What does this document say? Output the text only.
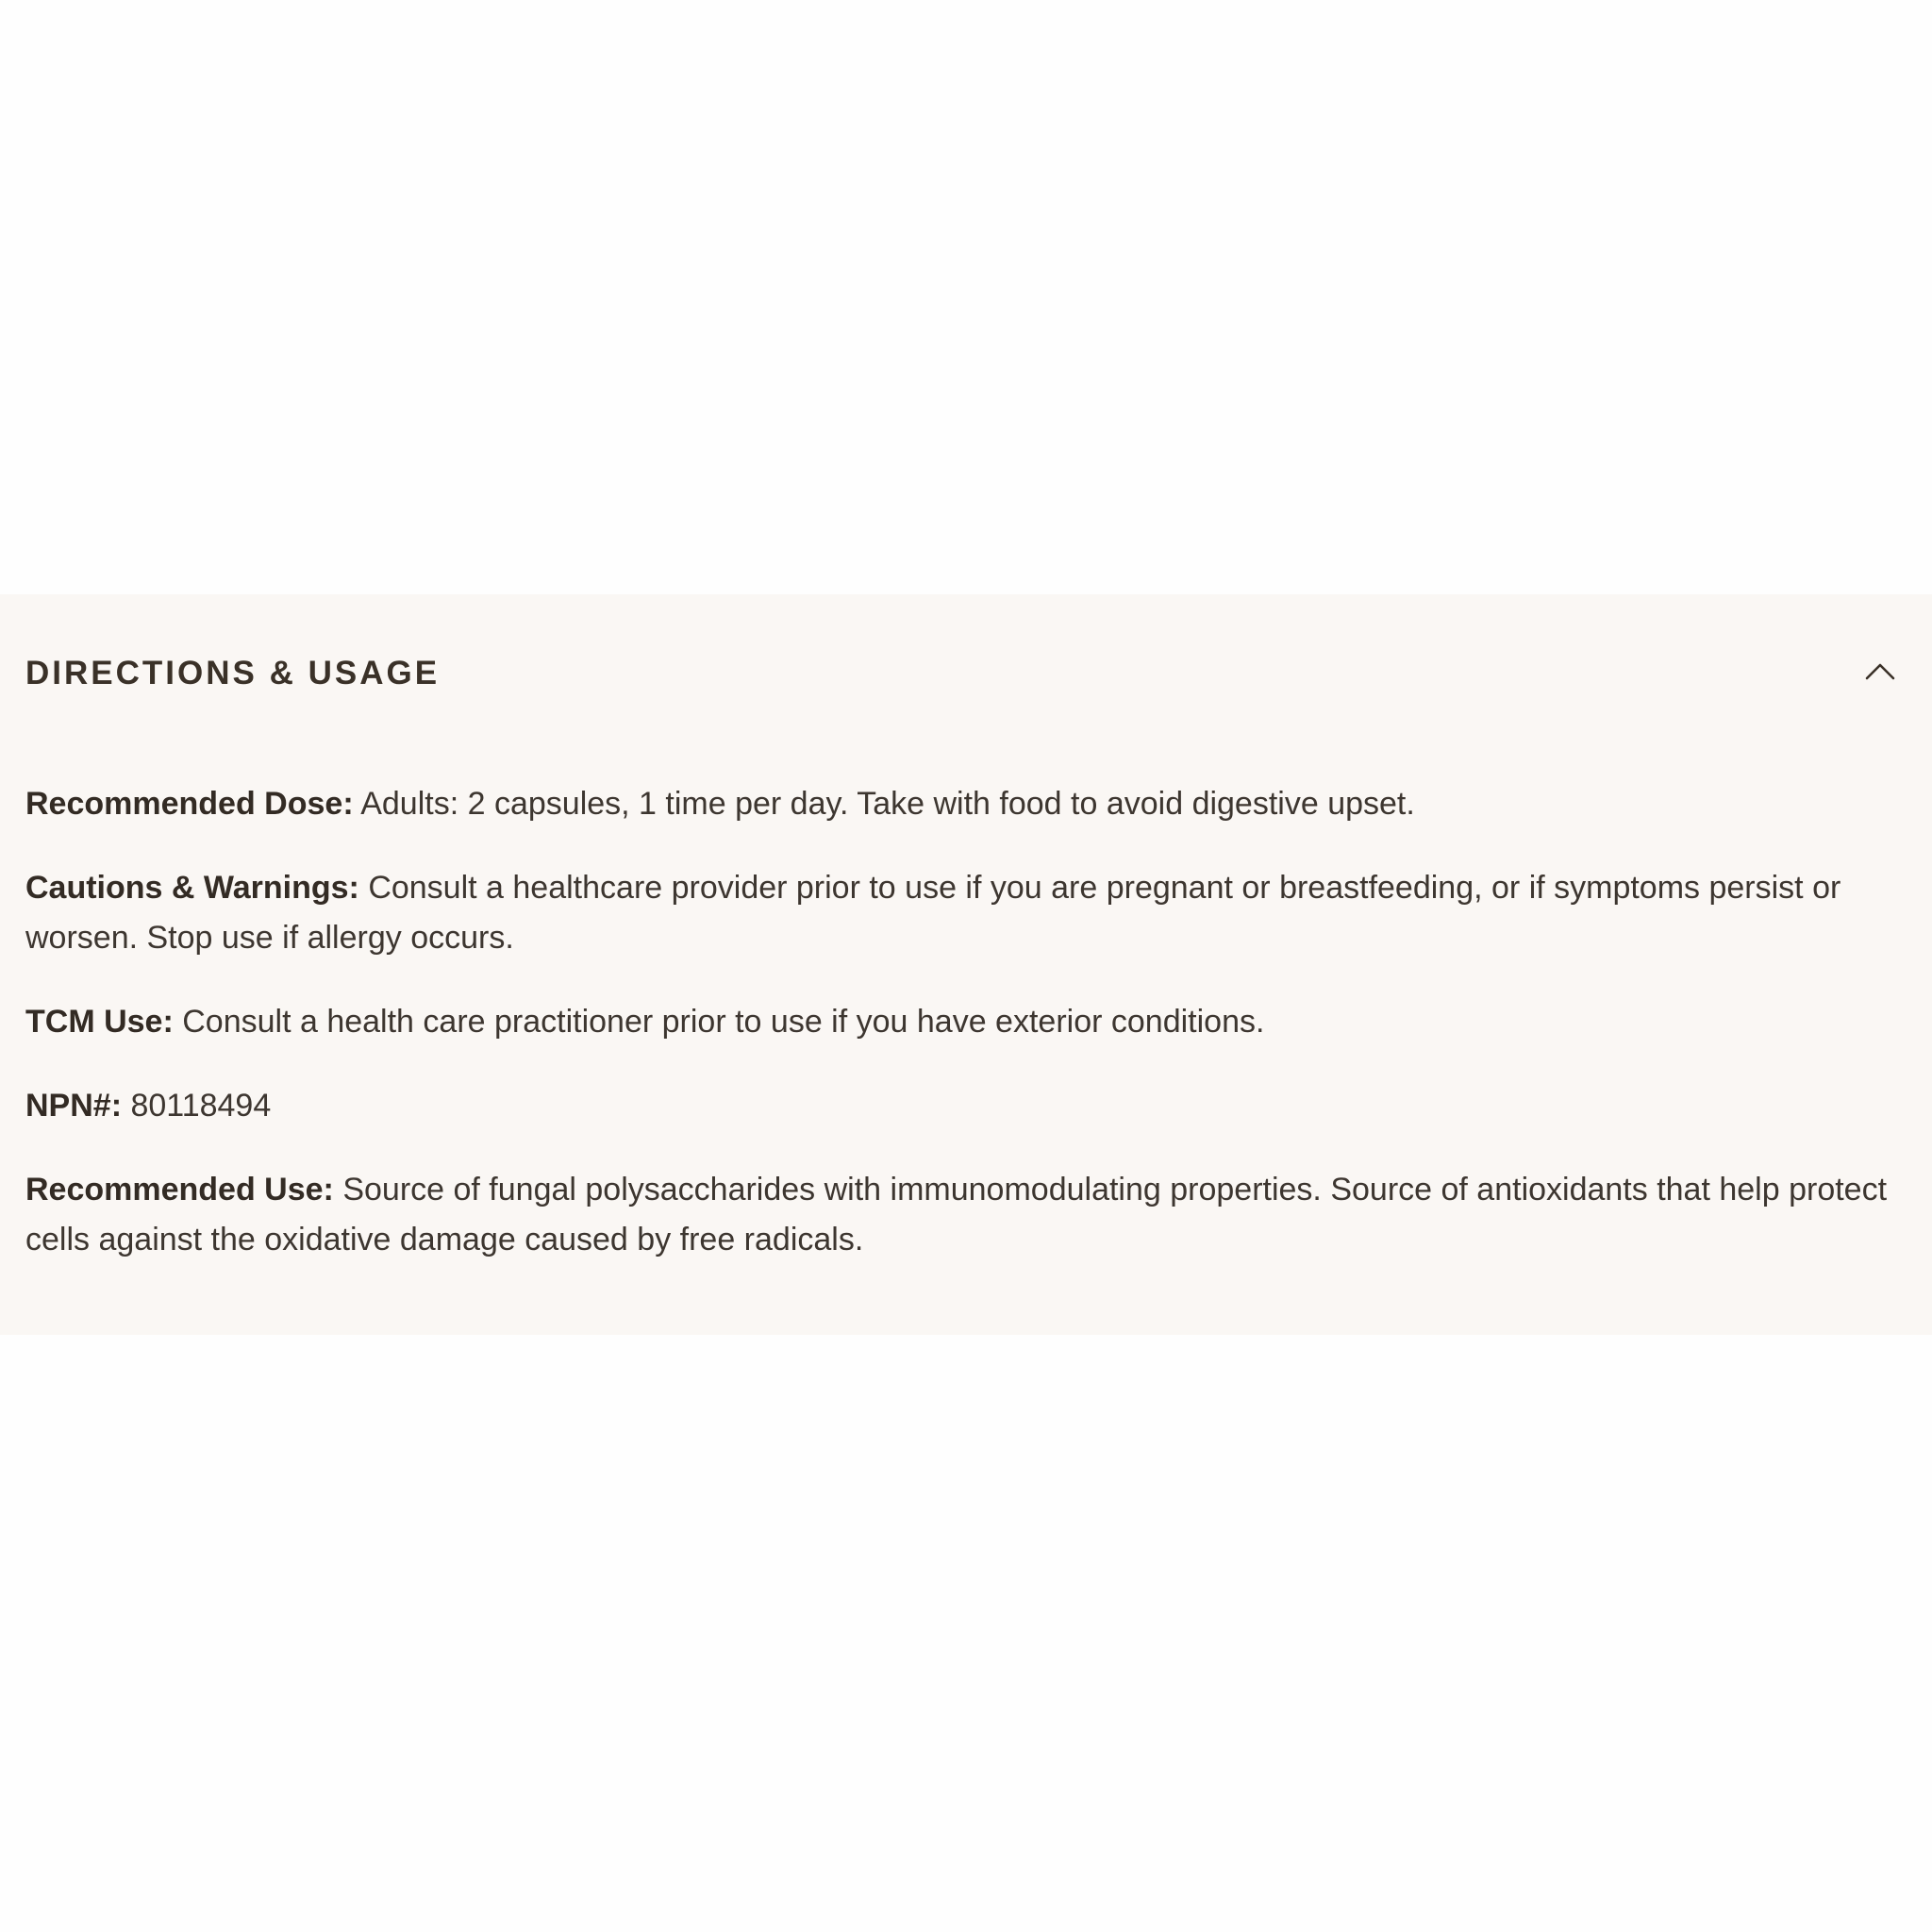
DIRECTIONS & USAGE

Recommended Dose: Adults: 2 capsules, 1 time per day. Take with food to avoid digestive upset.

Cautions & Warnings: Consult a healthcare provider prior to use if you are pregnant or breastfeeding, or if symptoms persist or worsen. Stop use if allergy occurs.

TCM Use: Consult a health care practitioner prior to use if you have exterior conditions.

NPN#: 80118494

Recommended Use: Source of fungal polysaccharides with immunomodulating properties. Source of antioxidants that help protect cells against the oxidative damage caused by free radicals.
